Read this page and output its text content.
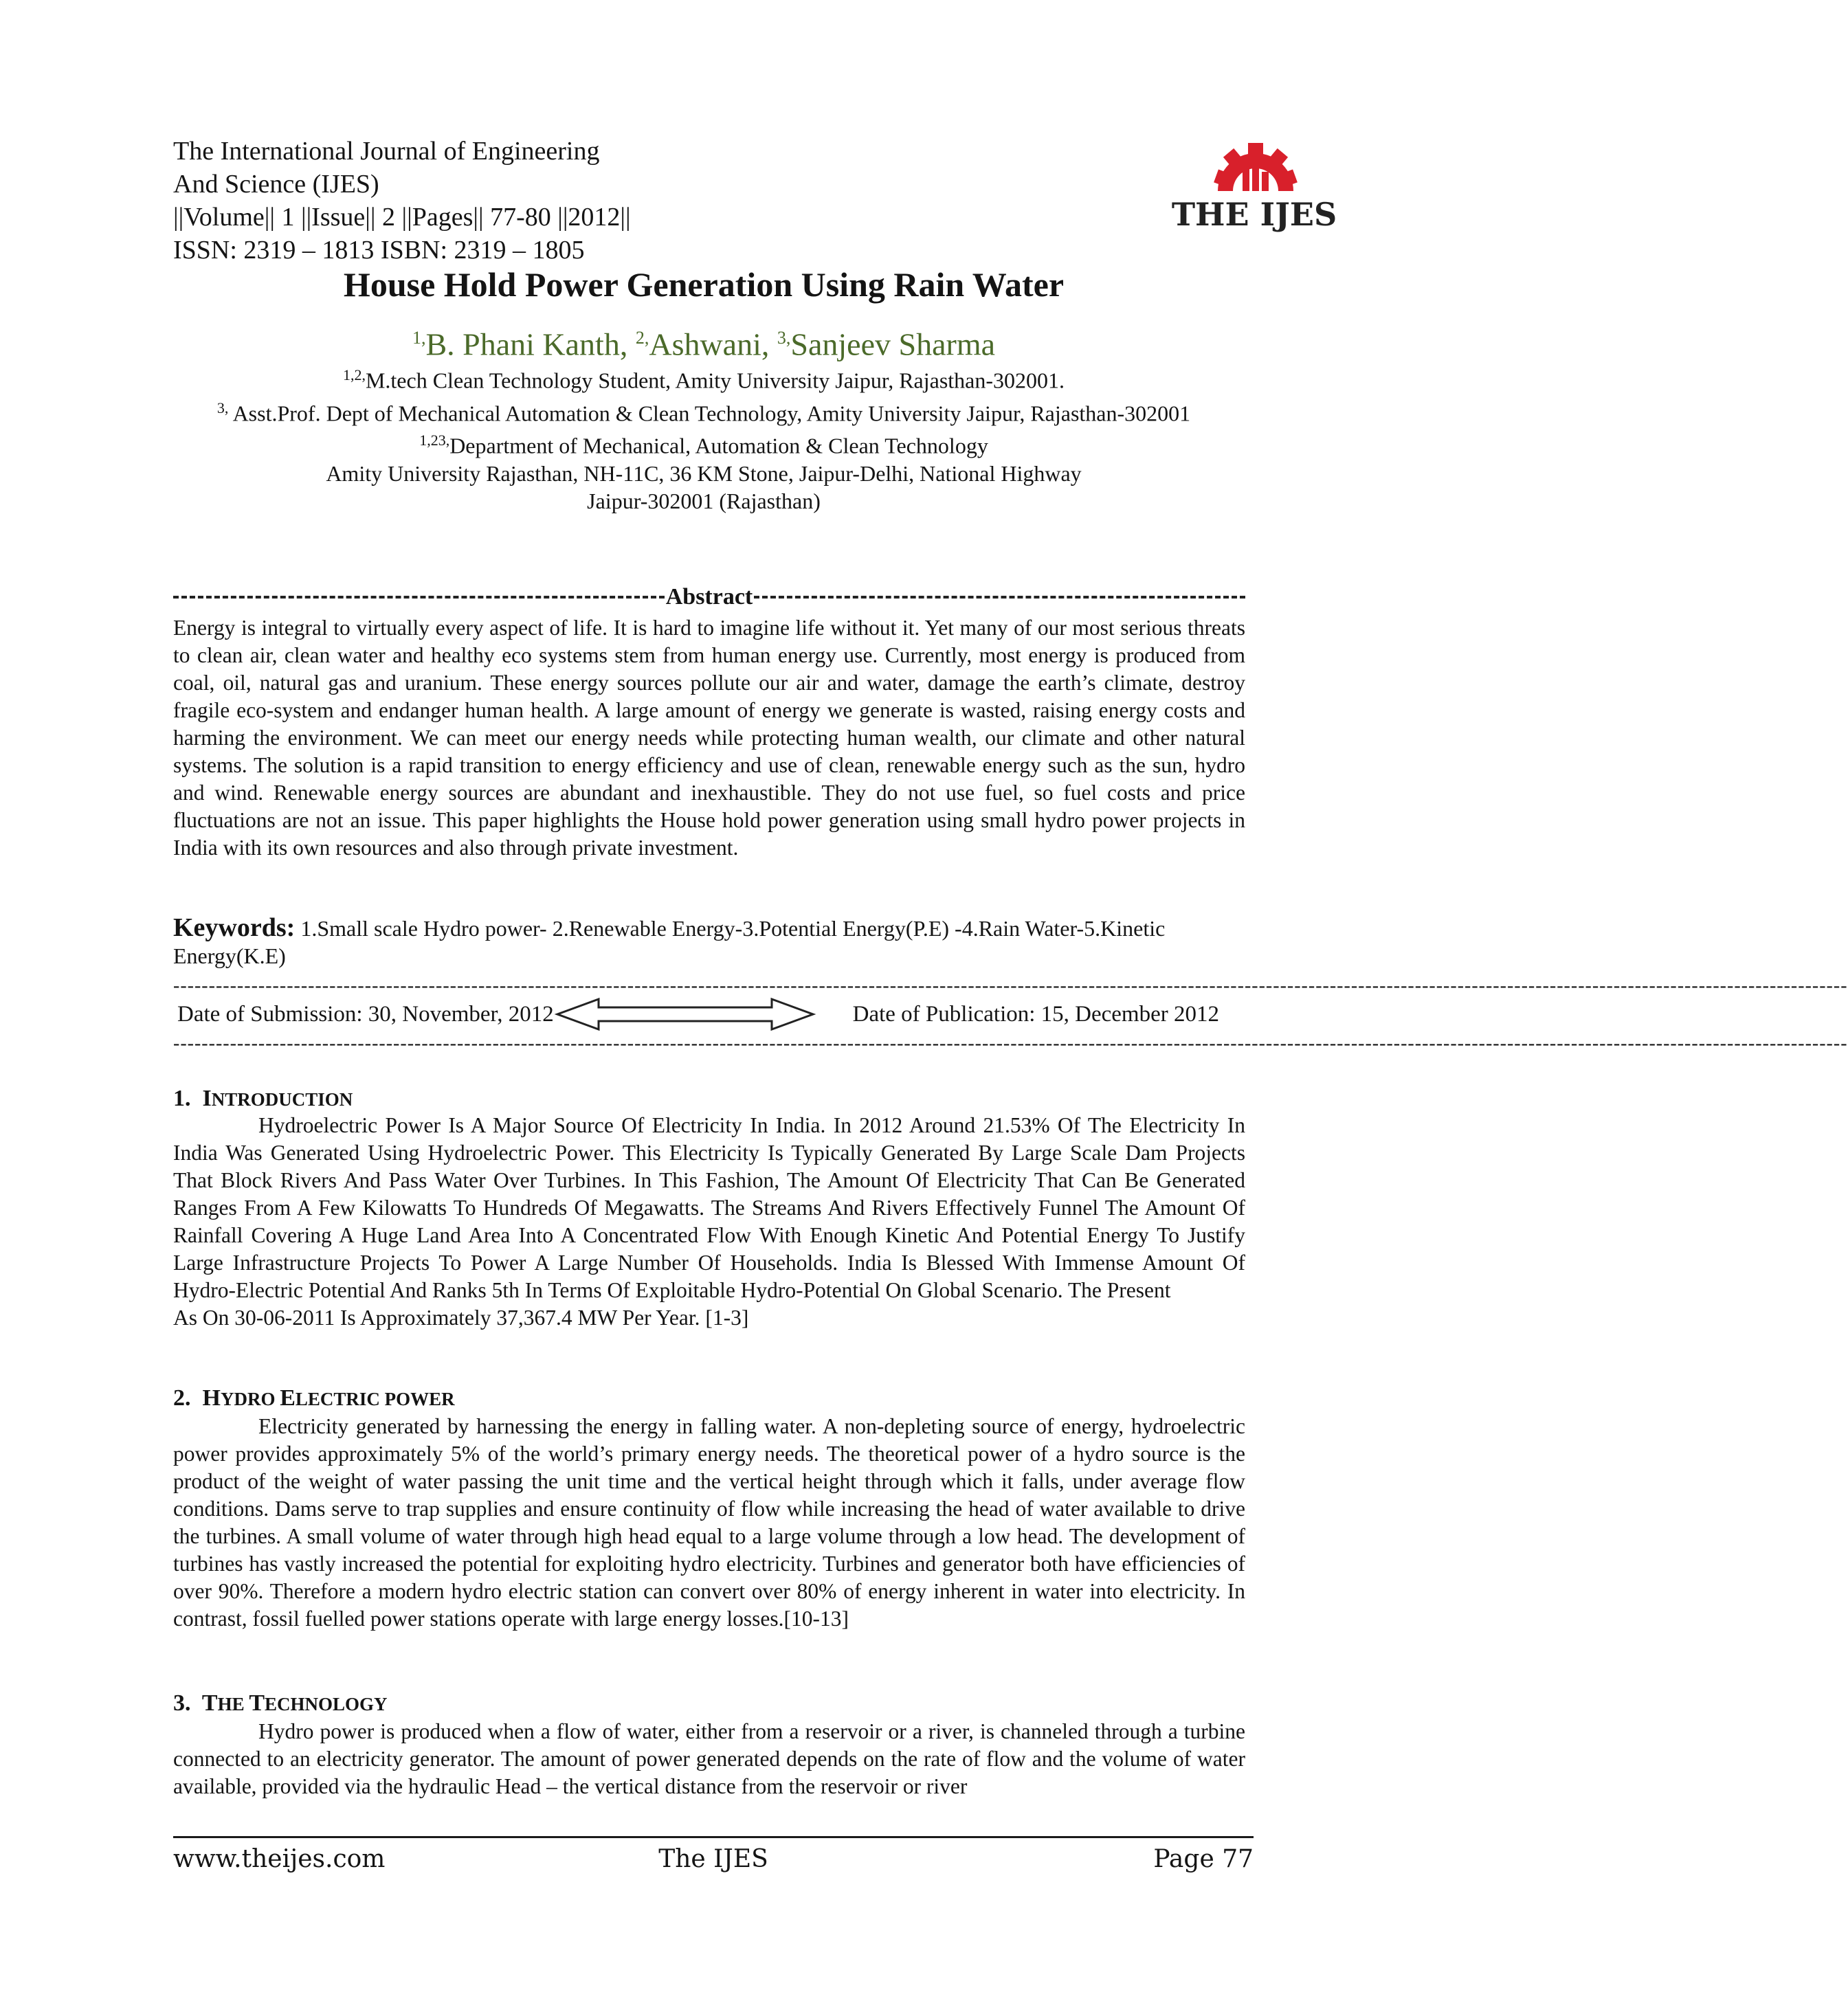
The International Journal of Engineering
And Science (IJES)
||Volume|| 1 ||Issue|| 2 ||Pages|| 77-80 ||2012||
ISSN: 2319 – 1813 ISBN: 2319 – 1805
THE IJES
House Hold Power Generation Using Rain Water
$^{1,}$B. Phani Kanth, $^{2,}$Ashwani, $^{3,}$Sanjeev Sharma
$^{1,2,}$M.tech Clean Technology Student, Amity University Jaipur, Rajasthan-302001.
$^{3,}$ Asst.Prof. Dept of Mechanical Automation & Clean Technology, Amity University Jaipur, Rajasthan-302001
$^{1,23,}$Department of Mechanical, Automation & Clean Technology
Amity University Rajasthan, NH-11C, 36 KM Stone, Jaipur-Delhi, National Highway
Jaipur-302001 (Rajasthan)
Abstract

Energy is integral to virtually every aspect of life. It is hard to imagine life without it. Yet many of our most serious threats to clean air, clean water and healthy eco systems stem from human energy use. Currently, most energy is produced from coal, oil, natural gas and uranium. These energy sources pollute our air and water, damage the earth’s climate, destroy fragile eco-system and endanger human health. A large amount of energy we generate is wasted, raising energy costs and harming the environment. We can meet our energy needs while protecting human wealth, our climate and other natural systems. The solution is a rapid transition to energy efficiency and use of clean, renewable energy such as the sun, hydro and wind. Renewable energy sources are abundant and inexhaustible. They do not use fuel, so fuel costs and price fluctuations are not an issue. This paper highlights the House hold power generation using small hydro power projects in India with its own resources and also through private investment.

Keywords: 1.Small scale Hydro power- 2.Renewable Energy-3.Potential Energy(P.E) -4.Rain Water-5.Kinetic Energy(K.E)
--------------------------------------------------------------------------------------------------------------------------------------------------------------------------------------------------------------------------------------------
Date of Submission: 30, November, 2012	Date of Publication: 15, December 2012
--------------------------------------------------------------------------------------------------------------------------------------------------------------------------------------------------------------------------------------------
1. INTRODUCTION

Hydroelectric Power Is A Major Source Of Electricity In India. In 2012 Around 21.53% Of The Electricity In India Was Generated Using Hydroelectric Power. This Electricity Is Typically Generated By Large Scale Dam Projects That Block Rivers And Pass Water Over Turbines. In This Fashion, The Amount Of Electricity That Can Be Generated Ranges From A Few Kilowatts To Hundreds Of Megawatts. The Streams And Rivers Effectively Funnel The Amount Of Rainfall Covering A Huge Land Area Into A Concentrated Flow With Enough Kinetic And Potential Energy To Justify Large Infrastructure Projects To Power A Large Number Of Households. India Is Blessed With Immense Amount Of Hydro-Electric Potential And Ranks 5th In Terms Of Exploitable Hydro-Potential On Global Scenario. The Present

As On 30-06-2011 Is Approximately 37,367.4 MW Per Year. [1-3]

2. HYDRO ELECTRIC POWER

Electricity generated by harnessing the energy in falling water. A non-depleting source of energy, hydroelectric power provides approximately 5% of the world’s primary energy needs. The theoretical power of a hydro source is the product of the weight of water passing the unit time and the vertical height through which it falls, under average flow conditions. Dams serve to trap supplies and ensure continuity of flow while increasing the head of water available to drive the turbines. A small volume of water through high head equal to a large volume through a low head. The development of turbines has vastly increased the potential for exploiting hydro electricity. Turbines and generator both have efficiencies of over 90%. Therefore a modern hydro electric station can convert over 80% of energy inherent in water into electricity. In contrast, fossil fuelled power stations operate with large energy losses.[10-13]

3. THE TECHNOLOGY

Hydro power is produced when a flow of water, either from a reservoir or a river, is channeled through a turbine connected to an electricity generator. The amount of power generated depends on the rate of flow and the volume of water available, provided via the hydraulic Head – the vertical distance from the reservoir or river

www.theijes.com	The IJES	Page 77
